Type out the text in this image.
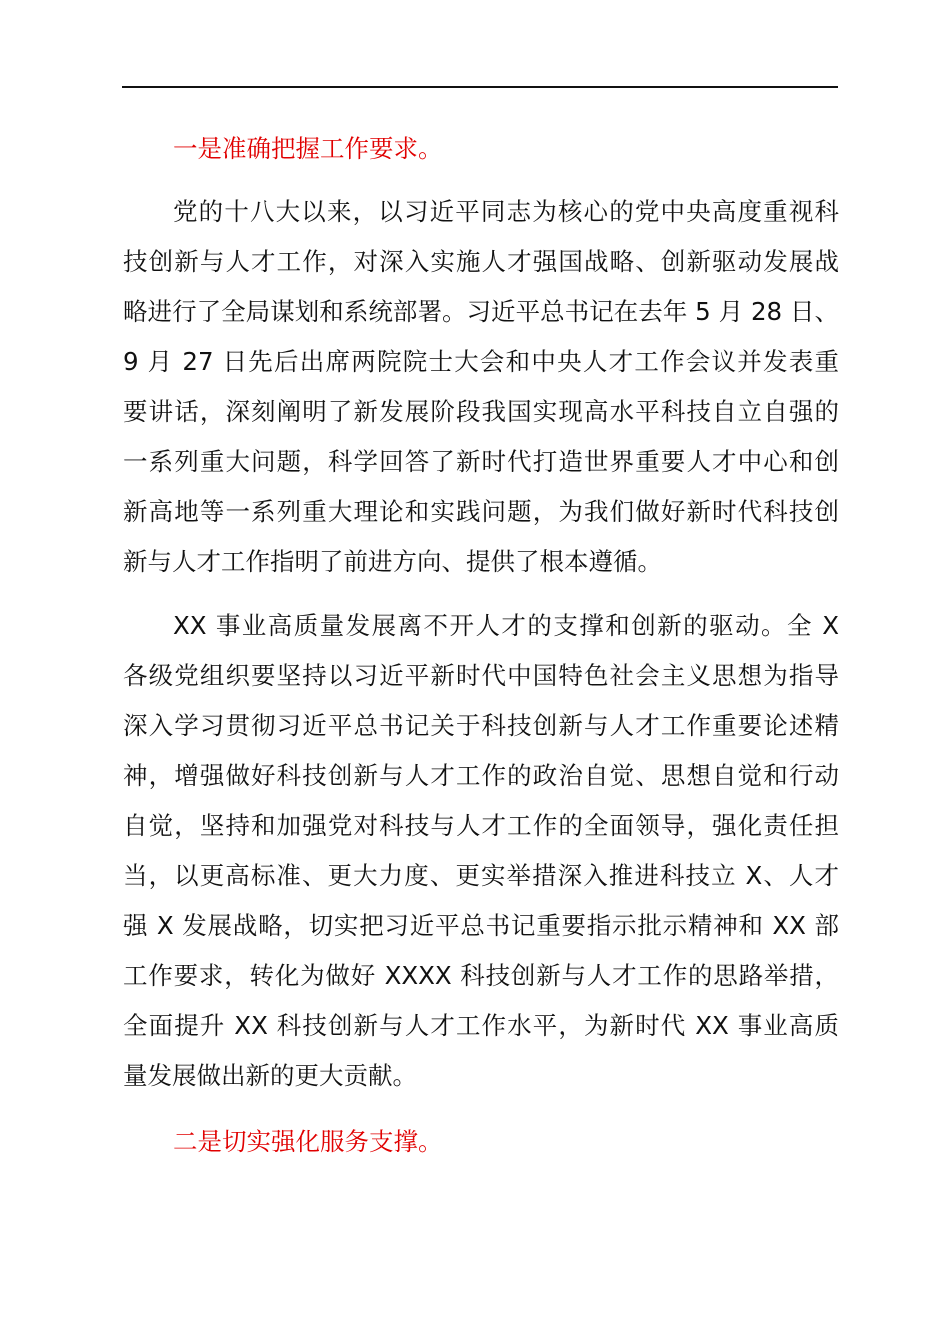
一是准确把握工作要求。

党的十八大以来，以习近平同志为核心的党中央高度重视科
技创新与人才工作，对深入实施人才强国战略、创新驱动发展战
略进行了全局谋划和系统部署。习近平总书记在去年 5 月 28 日、
9 月 27 日先后出席两院院士大会和中央人才工作会议并发表重
要讲话，深刻阐明了新发展阶段我国实现高水平科技自立自强的
一系列重大问题，科学回答了新时代打造世界重要人才中心和创
新高地等一系列重大理论和实践问题，为我们做好新时代科技创
新与人才工作指明了前进方向、提供了根本遵循。
XX 事业高质量发展离不开人才的支撑和创新的驱动。全 X
各级党组织要坚持以习近平新时代中国特色社会主义思想为指导
深入学习贯彻习近平总书记关于科技创新与人才工作重要论述精
神，增强做好科技创新与人才工作的政治自觉、思想自觉和行动
自觉，坚持和加强党对科技与人才工作的全面领导，强化责任担
当，以更高标准、更大力度、更实举措深入推进科技立 X、人才
强 X 发展战略，切实把习近平总书记重要指示批示精神和 XX 部
工作要求，转化为做好 XXXX 科技创新与人才工作的思路举措，
全面提升 XX 科技创新与人才工作水平，为新时代 XX 事业高质
量发展做出新的更大贡献。

二是切实强化服务支撑。
